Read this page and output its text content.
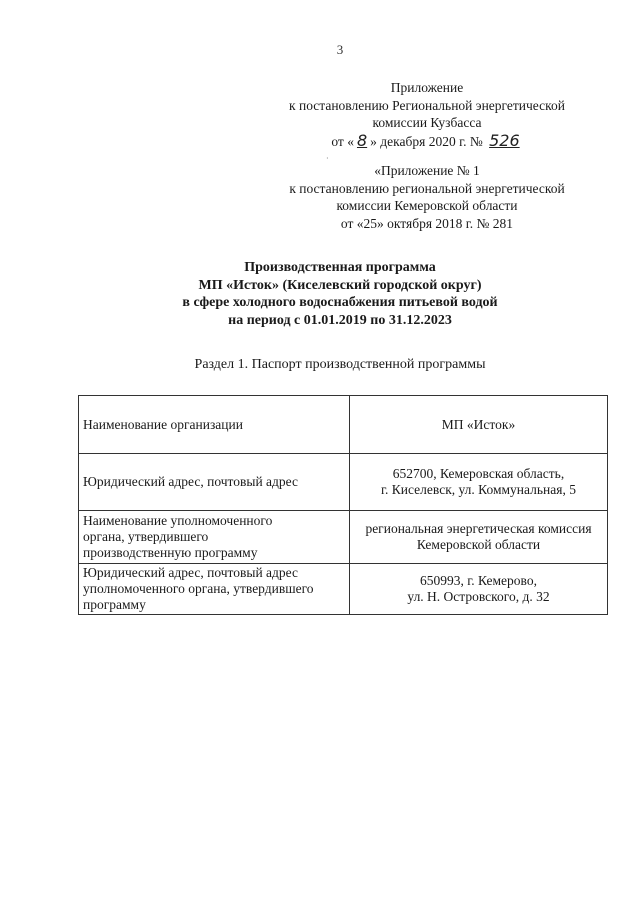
3
Приложение
к постановлению Региональной энергетической
комиссии Кузбасса
от « 8 » декабря 2020 г. № 526
·
«Приложение № 1
к постановлению региональной энергетической
комиссии Кемеровской области
от «25» октября 2018 г. № 281
Производственная программа
МП «Исток» (Киселевский городской округ)
в сфере холодного водоснабжения питьевой водой
на период с 01.01.2019 по 31.12.2023
Раздел 1. Паспорт производственной программы
Наименование организации	МП «Исток»

Юридический адрес, почтовый адрес	652700, Кемеровская область,
г. Киселевск, ул. Коммунальная, 5

Наименование уполномоченного
органа, утвердившего
производственную программу	региональная энергетическая комиссия
Кемеровской области

Юридический адрес, почтовый адрес
уполномоченного органа, утвердившего
программу	650993, г. Кемерово,
ул. Н. Островского, д. 32
